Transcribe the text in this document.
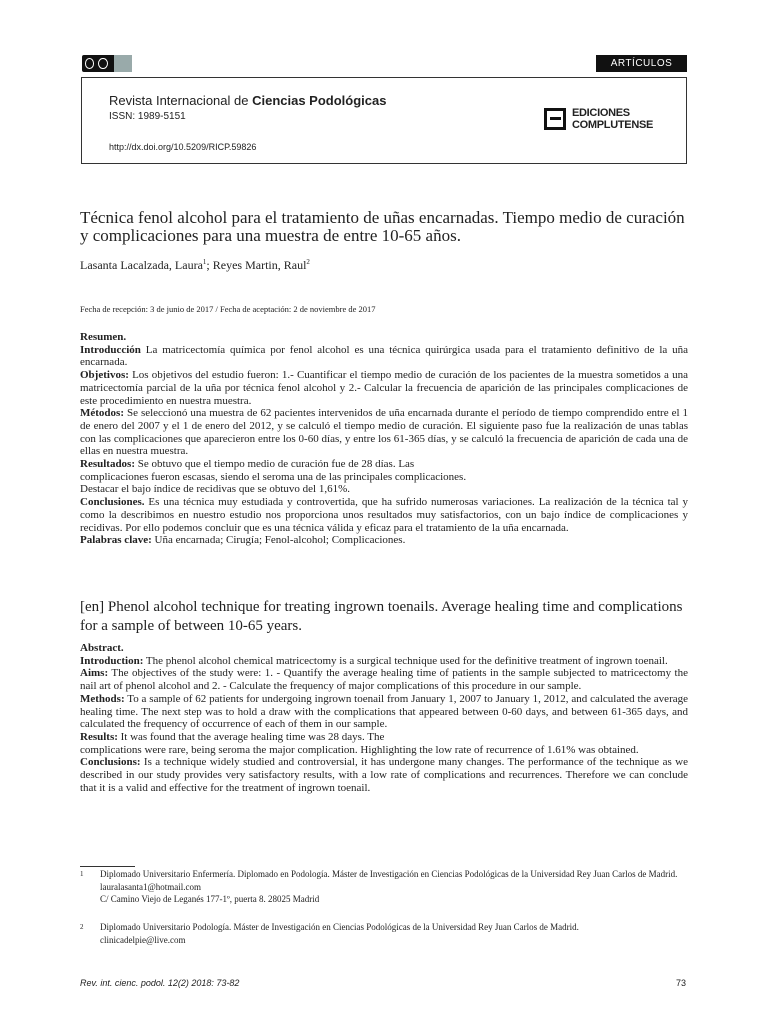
ARTÍCULOS
Revista Internacional de Ciencias Podológicas
ISSN: 1989-5151
http://dx.doi.org/10.5209/RICP.59826
EDICIONES
COMPLUTENSE
Técnica fenol alcohol para el tratamiento de uñas encarnadas. Tiempo medio de curación y complicaciones para una muestra de entre 10-65 años.
Lasanta Lacalzada, Laura$^1$; Reyes Martin, Raul$^2$
Fecha de recepción: 3 de junio de 2017 / Fecha de aceptación: 2 de noviembre de 2017

Resumen.

Introducción La matricectomía química por fenol alcohol es una técnica quirúrgica usada para el tratamiento definitivo de la uña encarnada.

Objetivos: Los objetivos del estudio fueron: 1.- Cuantificar el tiempo medio de curación de los pacientes de la muestra sometidos a una matricectomía parcial de la uña por técnica fenol alcohol y 2.- Calcular la frecuencia de aparición de las principales complicaciones de este procedimiento en nuestra muestra.

Métodos: Se seleccionó una muestra de 62 pacientes intervenidos de uña encarnada durante el período de tiempo comprendido entre el 1 de enero del 2007 y el 1 de enero del 2012, y se calculó el tiempo medio de curación. El siguiente paso fue la realización de unas tablas con las complicaciones que aparecieron entre los 0-60 días, y entre los 61-365 días, y se calculó la frecuencia de aparición de cada una de ellas en nuestra muestra.

Resultados: Se obtuvo que el tiempo medio de curación fue de 28 días. Las

complicaciones fueron escasas, siendo el seroma una de las principales complicaciones.

Destacar el bajo índice de recidivas que se obtuvo del 1,61%.

Conclusiones. Es una técnica muy estudiada y controvertida, que ha sufrido numerosas variaciones. La realización de la técnica tal y como la describimos en nuestro estudio nos proporciona unos resultados muy satisfactorios, con un bajo índice de complicaciones y recidivas. Por ello podemos concluir que es una técnica válida y eficaz para el tratamiento de la uña encarnada.

Palabras clave: Uña encarnada; Cirugía; Fenol-alcohol; Complicaciones.

[en] Phenol alcohol technique for treating ingrown toenails. Average healing time and complications for a sample of between 10-65 years.

Abstract.

Introduction: The phenol alcohol chemical matricectomy is a surgical technique used for the definitive treatment of ingrown toenail.

Aims: The objectives of the study were: 1. - Quantify the average healing time of patients in the sample subjected to matricectomy the nail art of phenol alcohol and 2. - Calculate the frequency of major complications of this procedure in our sample.

Methods: To a sample of 62 patients for undergoing ingrown toenail from January 1, 2007 to January 1, 2012, and calculated the average healing time. The next step was to hold a draw with the complications that appeared between 0-60 days, and between 61-365 days, and calculated the frequency of occurrence of each of them in our sample.

Results: It was found that the average healing time was 28 days. The

complications were rare, being seroma the major complication. Highlighting the low rate of recurrence of 1.61% was obtained.

Conclusions: Is a technique widely studied and controversial, it has undergone many changes. The performance of the technique as we described in our study provides very satisfactory results, with a low rate of complications and recurrences. Therefore we can conclude that it is a valid and effective for the treatment of ingrown toenail.

1 Diplomado Universitario Enfermería. Diplomado en Podología. Máster de Investigación en Ciencias Podológicas de la Universidad Rey Juan Carlos de Madrid.
lauralasanta1@hotmail.com
C/ Camino Viejo de Leganés 177-1º, puerta 8. 28025 Madrid
2 Diplomado Universitario Podología. Máster de Investigación en Ciencias Podológicas de la Universidad Rey Juan Carlos de Madrid.
clinicadelpie@live.com
Rev. int. cienc. podol. 12(2) 2018: 73-82	73
